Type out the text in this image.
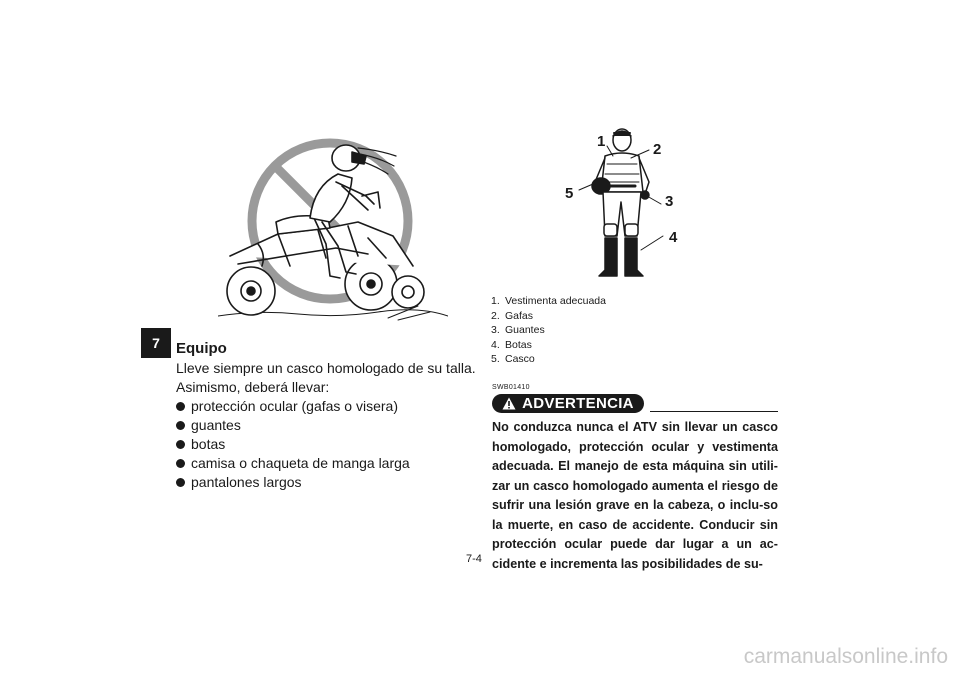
7
1	2
5	3
4
Equipo

Lleve siempre un casco homologado de su talla. Asimismo, deberá llevar:

protección ocular (gafas o visera)
guantes
botas
camisa o chaqueta de manga larga
pantalones largos
1. Vestimenta adecuada
2. Gafas
3. Guantes
4. Botas
5. Casco
SWB01410
ADVERTENCIA

No conduzca nunca el ATV sin llevar un casco homologado, protección ocular y vestimenta adecuada. El manejo de esta máquina sin utili-zar un casco homologado aumenta el riesgo de sufrir una lesión grave en la cabeza, o inclu-so la muerte, en caso de accidente. Conducir sin protección ocular puede dar lugar a un ac-cidente e incrementa las posibilidades de su-

7-4
carmanualsonline.info
